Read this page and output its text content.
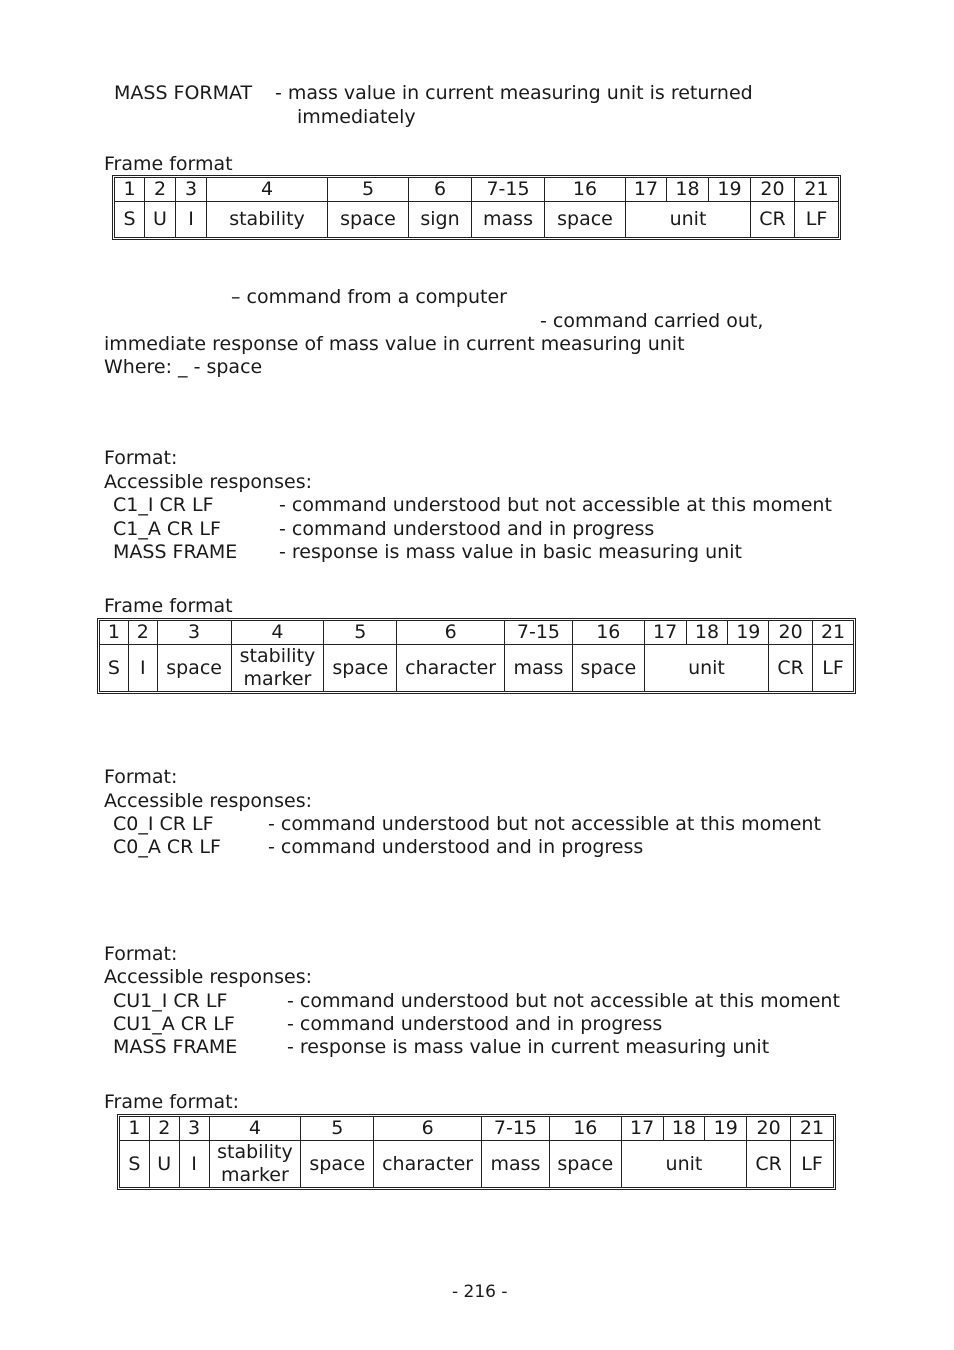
MASS FORMAT - mass value in current measuring unit is returned
immediately
Frame format
1	2	3	4	5	6	7-15	16	17	18	19	20	21
S	U	I	stability	space	sign	mass	space	unit			CR	LF
– command from a computer
- command carried out,
immediate response of mass value in current measuring unit
Where: _ - space
Format:
Accessible responses:
C1_I CR LF	- command understood but not accessible at this moment
C1_A CR LF	- command understood and in progress
MASS FRAME - response is mass value in basic measuring unit
Frame format
1	2	3	4	5	6	7-15	16	17	18	19	20	21
S	I	space	stability
marker	space	character	mass	space	unit			CR	LF
Format:
Accessible responses:
C0_I CR LF	- command understood but not accessible at this moment
C0_A CR LF - command understood and in progress
Format:
Accessible responses:
CU1_I CR LF	- command understood but not accessible at this moment
CU1_A CR LF	- command understood and in progress
MASS FRAME	- response is mass value in current measuring unit
Frame format:
1	2	3	4	5	6	7-15	16	17	18	19	20	21
S	U	I	stability
marker	space	character	mass	space	unit			CR	LF
- 216 -
